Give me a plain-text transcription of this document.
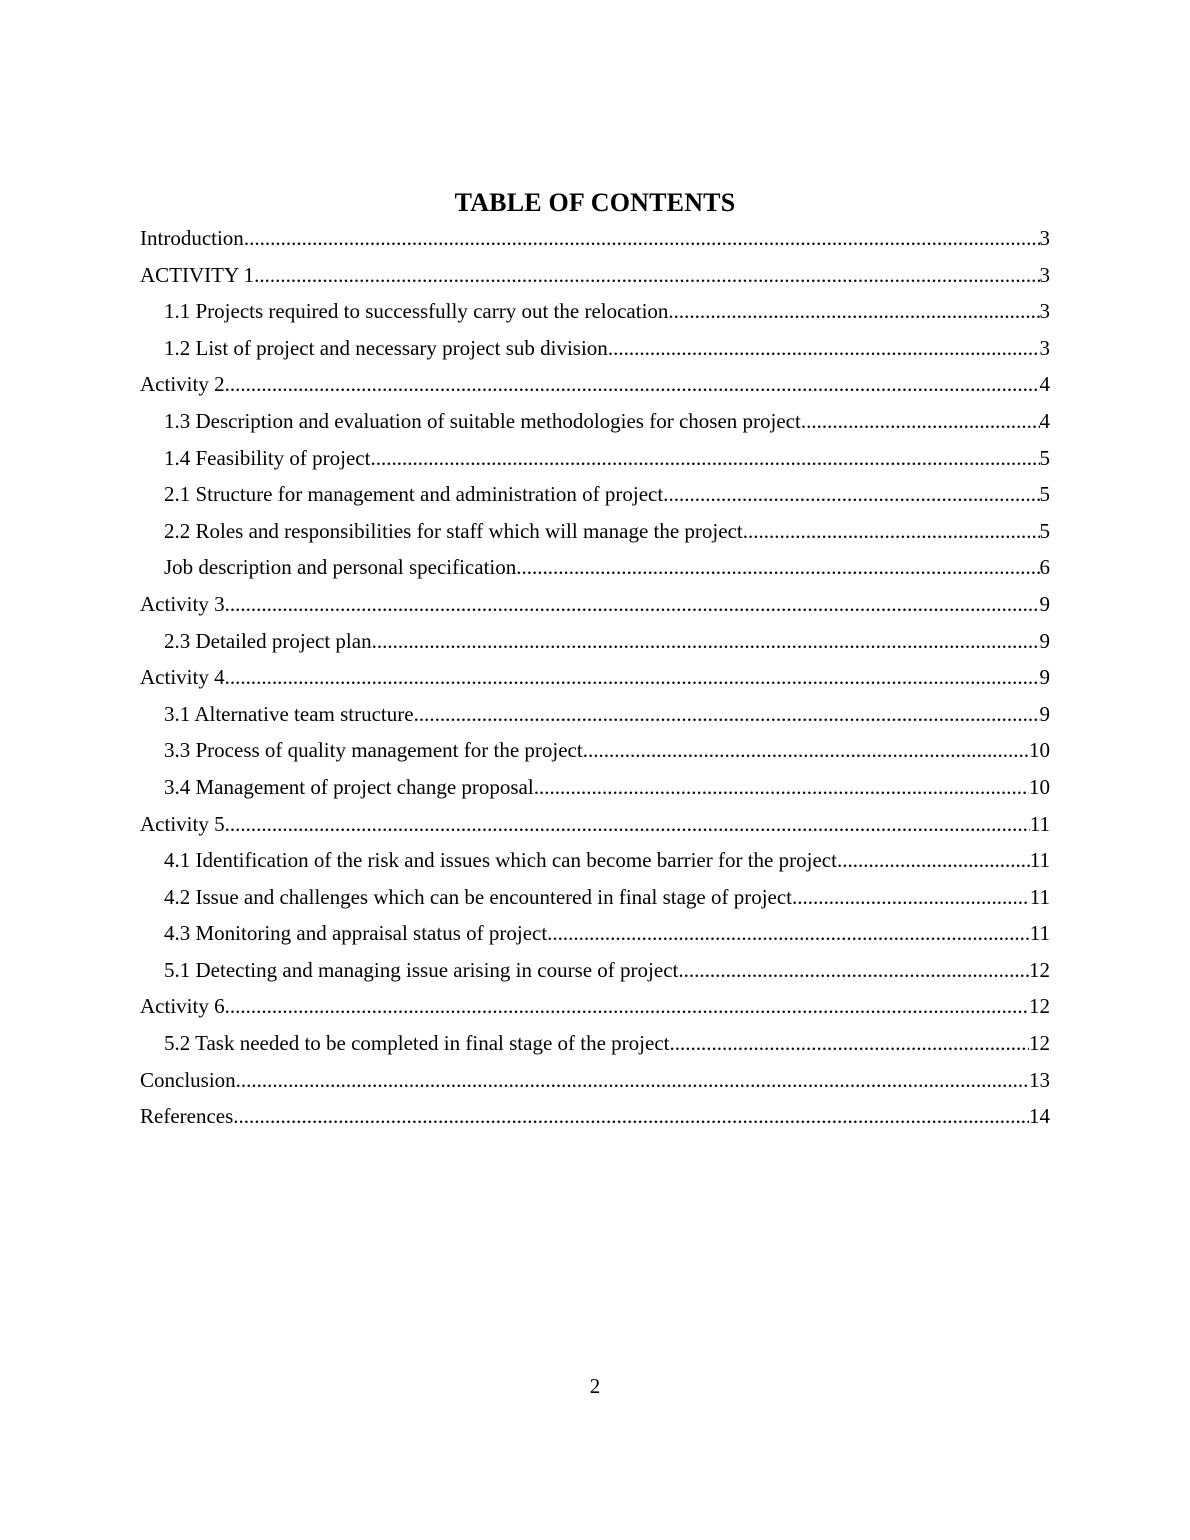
TABLE OF CONTENTS
Introduction .....	3
ACTIVITY 1 .....	3
1.1 Projects required to successfully carry out the relocation .....	3
1.2 List of project and necessary project sub division .....	3
Activity 2 .....	4
1.3 Description and evaluation of suitable methodologies for chosen project .....	4
1.4 Feasibility of project .....	5
2.1 Structure for management and administration of project .....	5
2.2 Roles and responsibilities for staff which will manage the project .....	5
Job description and personal specification .....	6
Activity 3 .....	9
2.3 Detailed project plan .....	9
Activity 4 .....	9
3.1 Alternative team structure .....	9
3.3 Process of quality management for the project .....	10
3.4 Management of project change proposal .....	10
Activity 5 .....	11
4.1 Identification of the risk and issues which can become barrier for the project .....	11
4.2 Issue and challenges which can be encountered in final stage of project .....	11
4.3 Monitoring and appraisal status of project .....	11
5.1 Detecting and managing issue arising in course of project .....	12
Activity 6 .....	12
5.2 Task needed to be completed in final stage of the project .....	12
Conclusion .....	13
References .....	14
2
